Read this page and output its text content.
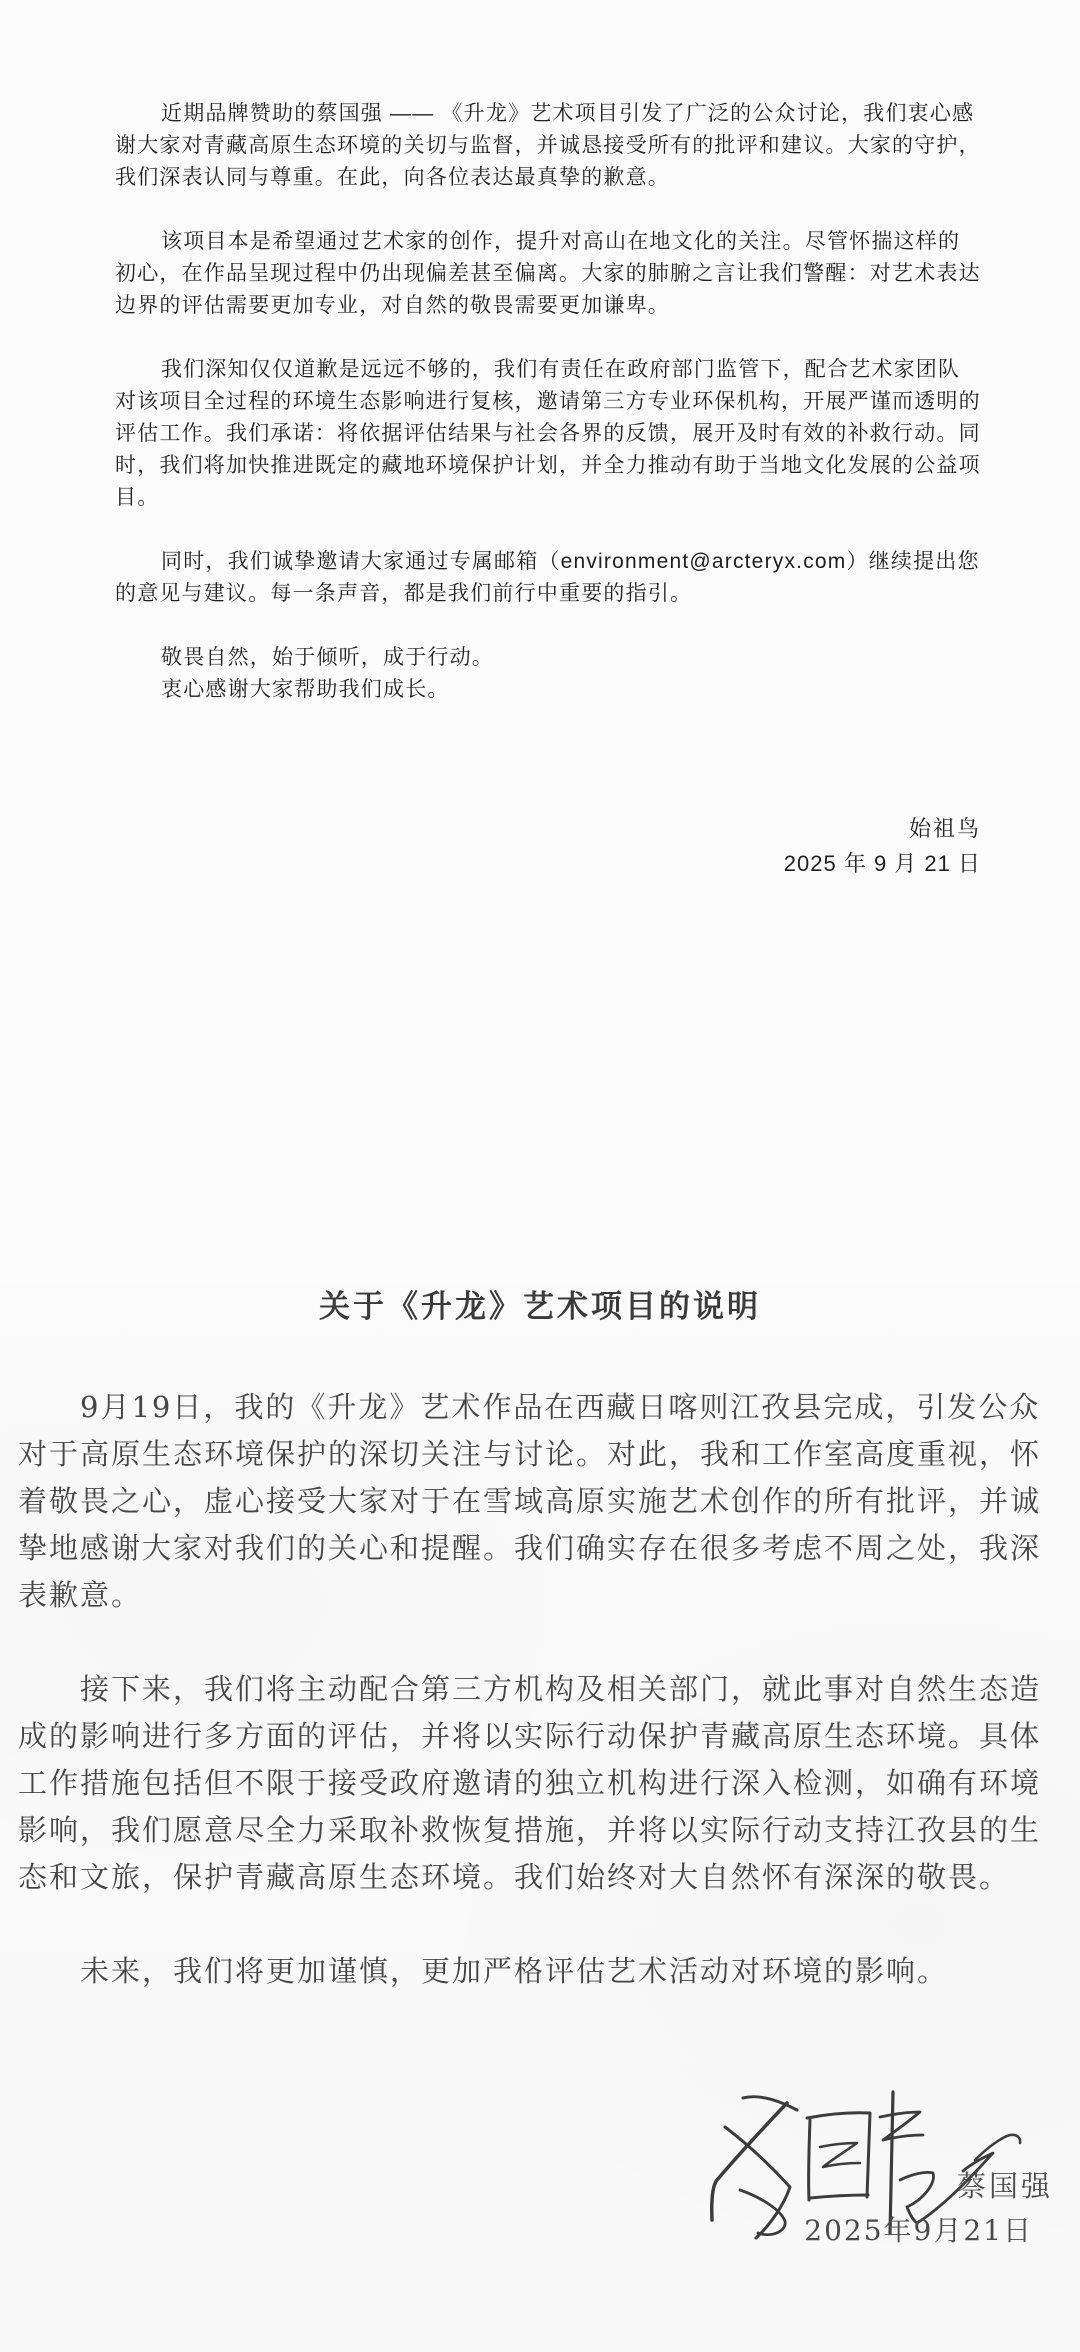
近期品牌赞助的蔡国强 —— 《升龙》艺术项目引发了广泛的公众讨论，我们衷心感谢大家对青藏高原生态环境的关切与监督，并诚恳接受所有的批评和建议。大家的守护，我们深表认同与尊重。在此，向各位表达最真挚的歉意。

该项目本是希望通过艺术家的创作，提升对高山在地文化的关注。尽管怀揣这样的初心，在作品呈现过程中仍出现偏差甚至偏离。大家的肺腑之言让我们警醒：对艺术表达边界的评估需要更加专业，对自然的敬畏需要更加谦卑。

我们深知仅仅道歉是远远不够的，我们有责任在政府部门监管下，配合艺术家团队对该项目全过程的环境生态影响进行复核，邀请第三方专业环保机构，开展严谨而透明的评估工作。我们承诺：将依据评估结果与社会各界的反馈，展开及时有效的补救行动。同时，我们将加快推进既定的藏地环境保护计划，并全力推动有助于当地文化发展的公益项目。

同时，我们诚挚邀请大家通过专属邮箱（environment@arcteryx.com）继续提出您的意见与建议。每一条声音，都是我们前行中重要的指引。

敬畏自然，始于倾听，成于行动。

衷心感谢大家帮助我们成长。

始祖鸟
2025 年 9 月 21 日
关于《升龙》艺术项目的说明

9月19日，我的《升龙》艺术作品在西藏日喀则江孜县完成，引发公众对于高原生态环境保护的深切关注与讨论。对此，我和工作室高度重视，怀着敬畏之心，虚心接受大家对于在雪域高原实施艺术创作的所有批评，并诚挚地感谢大家对我们的关心和提醒。我们确实存在很多考虑不周之处，我深表歉意。

接下来，我们将主动配合第三方机构及相关部门，就此事对自然生态造成的影响进行多方面的评估，并将以实际行动保护青藏高原生态环境。具体工作措施包括但不限于接受政府邀请的独立机构进行深入检测，如确有环境影响，我们愿意尽全力采取补救恢复措施，并将以实际行动支持江孜县的生态和文旅，保护青藏高原生态环境。我们始终对大自然怀有深深的敬畏。

未来，我们将更加谨慎，更加严格评估艺术活动对环境的影响。

蔡国强
2025年9月21日
